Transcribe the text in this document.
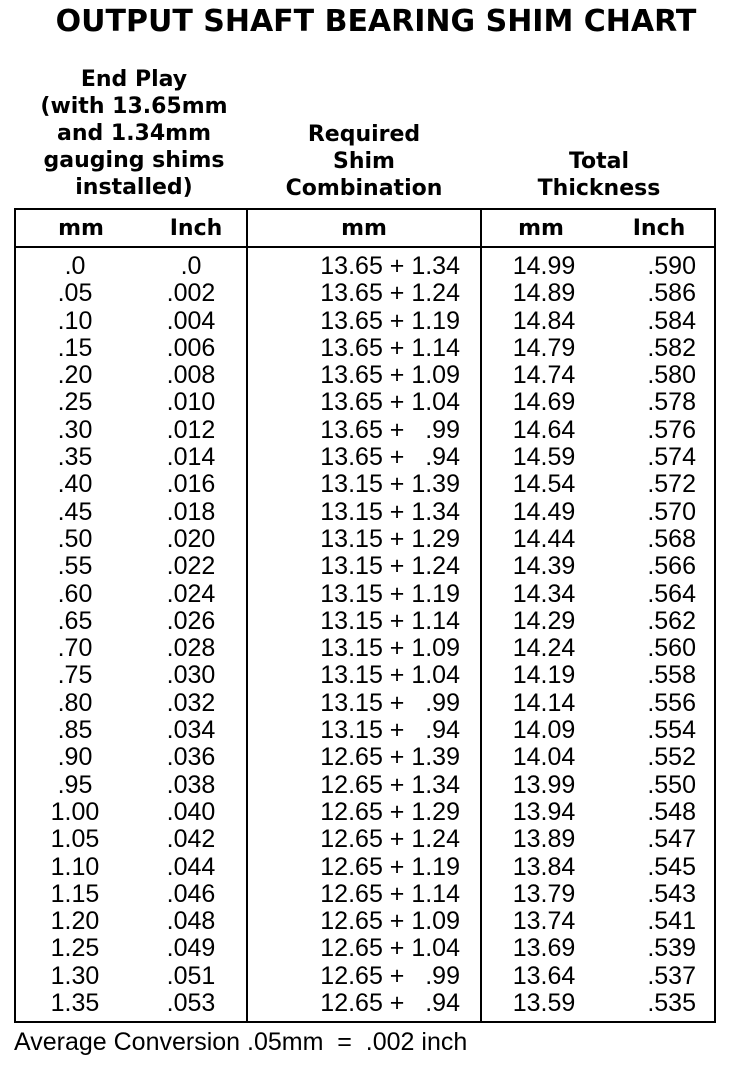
OUTPUT SHAFT BEARING SHIM CHART
End Play
(with 13.65mm
and 1.34mm
gauging shims
installed)
Required
Shim
Combination
Total
Thickness
mm	Inch	mm	mm	Inch
.0	.0	13.65 + 1.34	14.99	.590
.05	.002	13.65 + 1.24	14.89	.586
.10	.004	13.65 + 1.19	14.84	.584
.15	.006	13.65 + 1.14	14.79	.582
.20	.008	13.65 + 1.09	14.74	.580
.25	.010	13.65 + 1.04	14.69	.578
.30	.012	13.65 +   .99	14.64	.576
.35	.014	13.65 +   .94	14.59	.574
.40	.016	13.15 + 1.39	14.54	.572
.45	.018	13.15 + 1.34	14.49	.570
.50	.020	13.15 + 1.29	14.44	.568
.55	.022	13.15 + 1.24	14.39	.566
.60	.024	13.15 + 1.19	14.34	.564
.65	.026	13.15 + 1.14	14.29	.562
.70	.028	13.15 + 1.09	14.24	.560
.75	.030	13.15 + 1.04	14.19	.558
.80	.032	13.15 +   .99	14.14	.556
.85	.034	13.15 +   .94	14.09	.554
.90	.036	12.65 + 1.39	14.04	.552
.95	.038	12.65 + 1.34	13.99	.550
1.00	.040	12.65 + 1.29	13.94	.548
1.05	.042	12.65 + 1.24	13.89	.547
1.10	.044	12.65 + 1.19	13.84	.545
1.15	.046	12.65 + 1.14	13.79	.543
1.20	.048	12.65 + 1.09	13.74	.541
1.25	.049	12.65 + 1.04	13.69	.539
1.30	.051	12.65 +   .99	13.64	.537
1.35	.053	12.65 +   .94	13.59	.535
Average Conversion .05mm  =  .002 inch
